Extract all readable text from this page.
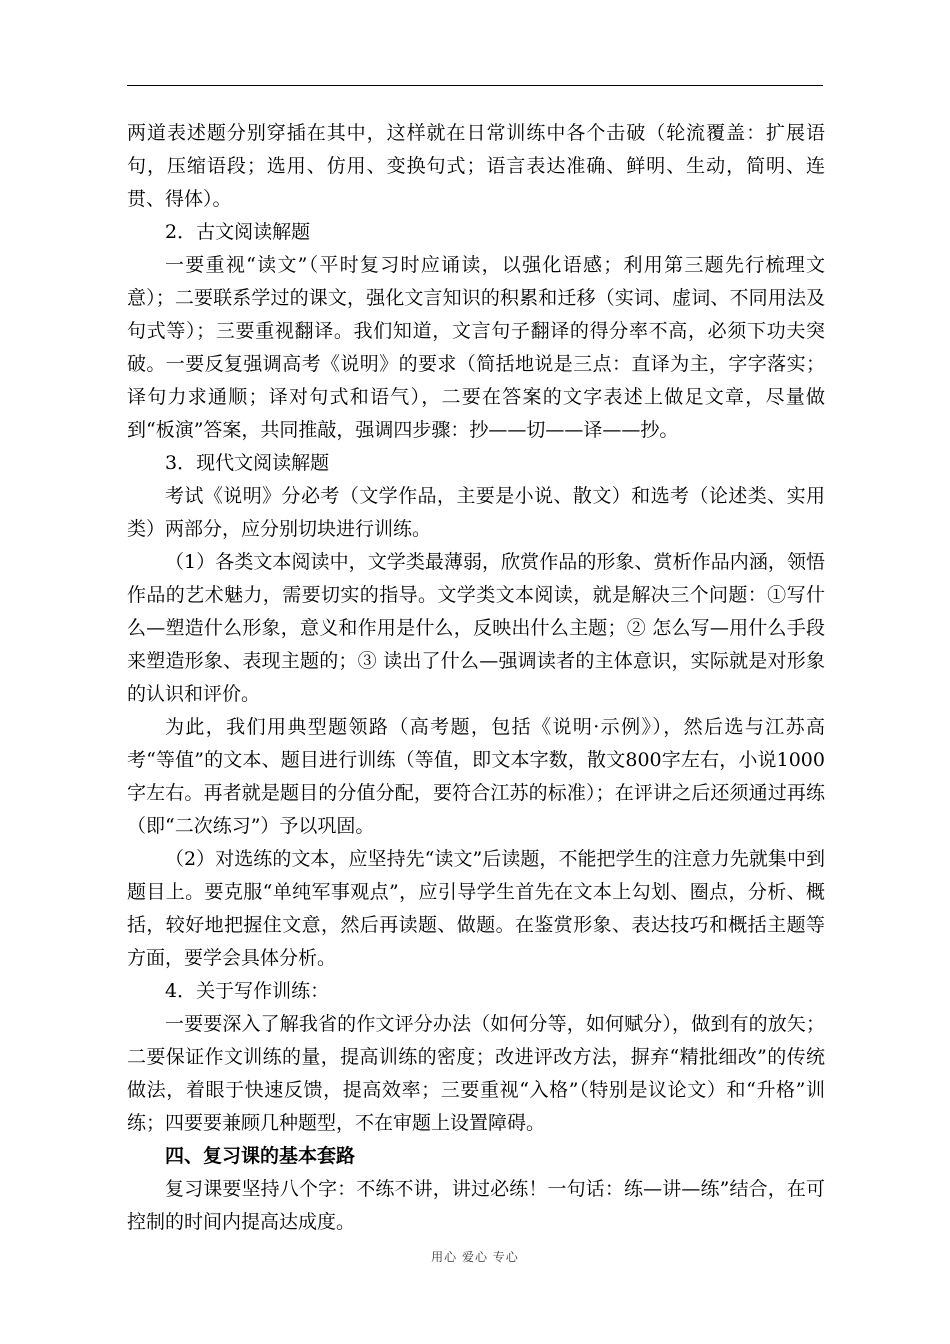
两道表述题分别穿插在其中，这样就在日常训练中各个击破（轮流覆盖：扩展语句，压缩语段；选用、仿用、变换句式；语言表达准确、鲜明、生动，简明、连贯、得体）。

2．古文阅读解题

一要重视“读文”（平时复习时应诵读，以强化语感；利用第三题先行梳理文意）；二要联系学过的课文，强化文言知识的积累和迁移（实词、虚词、不同用法及句式等）；三要重视翻译。我们知道，文言句子翻译的得分率不高，必须下功夫突破。一要反复强调高考《说明》的要求（简括地说是三点：直译为主，字字落实；译句力求通顺；译对句式和语气），二要在答案的文字表述上做足文章，尽量做到“板演”答案，共同推敲，强调四步骤：抄——切——译——抄。

3．现代文阅读解题

考试《说明》分必考（文学作品，主要是小说、散文）和选考（论述类、实用类）两部分，应分别切块进行训练。

（1）各类文本阅读中，文学类最薄弱，欣赏作品的形象、赏析作品内涵，领悟作品的艺术魅力，需要切实的指导。文学类文本阅读，就是解决三个问题：①写什么—塑造什么形象，意义和作用是什么，反映出什么主题；② 怎么写—用什么手段来塑造形象、表现主题的；③ 读出了什么—强调读者的主体意识，实际就是对形象的认识和评价。

为此，我们用典型题领路（高考题，包括《说明·示例》），然后选与江苏高考“等值”的文本、题目进行训练（等值，即文本字数，散文800字左右，小说1000字左右。再者就是题目的分值分配，要符合江苏的标准）；在评讲之后还须通过再练（即“二次练习”）予以巩固。

（2）对选练的文本，应坚持先“读文”后读题，不能把学生的注意力先就集中到题目上。要克服“单纯军事观点”，应引导学生首先在文本上勾划、圈点，分析、概括，较好地把握住文意，然后再读题、做题。在鉴赏形象、表达技巧和概括主题等方面，要学会具体分析。

4．关于写作训练：

一要要深入了解我省的作文评分办法（如何分等，如何赋分），做到有的放矢；二要保证作文训练的量，提高训练的密度；改进评改方法，摒弃“精批细改”的传统做法，着眼于快速反馈，提高效率；三要重视“入格”（特别是议论文）和“升格”训练；四要要兼顾几种题型，不在审题上设置障碍。

四、复习课的基本套路

复习课要坚持八个字：不练不讲，讲过必练！一句话：练—讲—练”结合，在可控制的时间内提高达成度。

用心 爱心 专心
